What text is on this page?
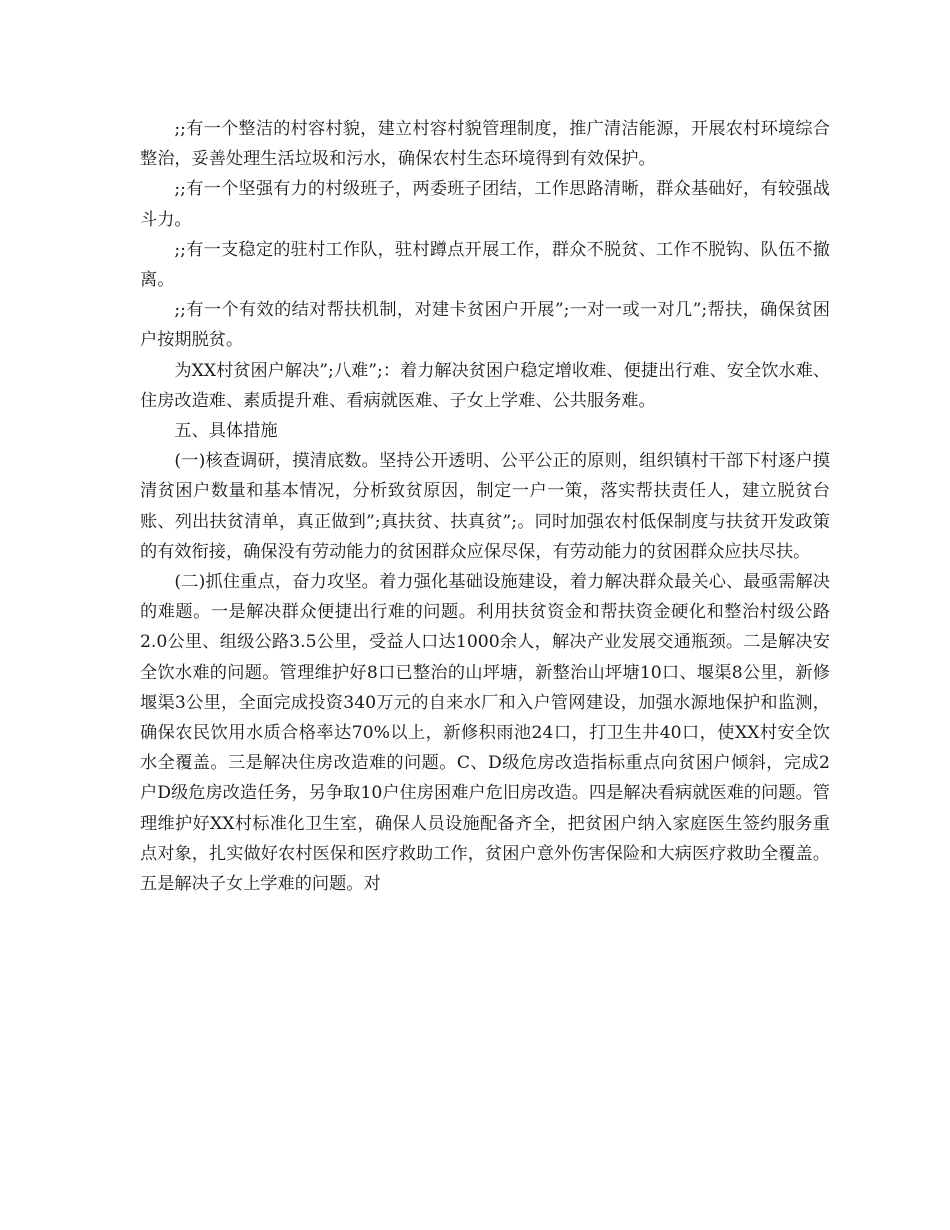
;;有一个整洁的村容村貌，建立村容村貌管理制度，推广清洁能源，开展农村环境综合整治，妥善处理生活垃圾和污水，确保农村生态环境得到有效保护。

;;有一个坚强有力的村级班子，两委班子团结，工作思路清晰，群众基础好，有较强战斗力。

;;有一支稳定的驻村工作队，驻村蹲点开展工作，群众不脱贫、工作不脱钩、队伍不撤离。

;;有一个有效的结对帮扶机制，对建卡贫困户开展”;一对一或一对几”;帮扶，确保贫困户按期脱贫。

为XX村贫困户解决”;八难”;：着力解决贫困户稳定增收难、便捷出行难、安全饮水难、住房改造难、素质提升难、看病就医难、子女上学难、公共服务难。

五、具体措施

(一)核查调研，摸清底数。坚持公开透明、公平公正的原则，组织镇村干部下村逐户摸清贫困户数量和基本情况，分析致贫原因，制定一户一策，落实帮扶责任人，建立脱贫台账、列出扶贫清单，真正做到”;真扶贫、扶真贫”;。同时加强农村低保制度与扶贫开发政策的有效衔接，确保没有劳动能力的贫困群众应保尽保，有劳动能力的贫困群众应扶尽扶。

(二)抓住重点，奋力攻坚。着力强化基础设施建设，着力解决群众最关心、最亟需解决的难题。一是解决群众便捷出行难的问题。利用扶贫资金和帮扶资金硬化和整治村级公路2.0公里、组级公路3.5公里，受益人口达1000余人，解决产业发展交通瓶颈。二是解决安全饮水难的问题。管理维护好8口已整治的山坪塘，新整治山坪塘10口、堰渠8公里，新修堰渠3公里，全面完成投资340万元的自来水厂和入户管网建设，加强水源地保护和监测，确保农民饮用水质合格率达70%以上，新修积雨池24口，打卫生井40口，使XX村安全饮水全覆盖。三是解决住房改造难的问题。C、D级危房改造指标重点向贫困户倾斜，完成2户D级危房改造任务，另争取10户住房困难户危旧房改造。四是解决看病就医难的问题。管理维护好XX村标准化卫生室，确保人员设施配备齐全，把贫困户纳入家庭医生签约服务重点对象，扎实做好农村医保和医疗救助工作，贫困户意外伤害保险和大病医疗救助全覆盖。五是解决子女上学难的问题。对
